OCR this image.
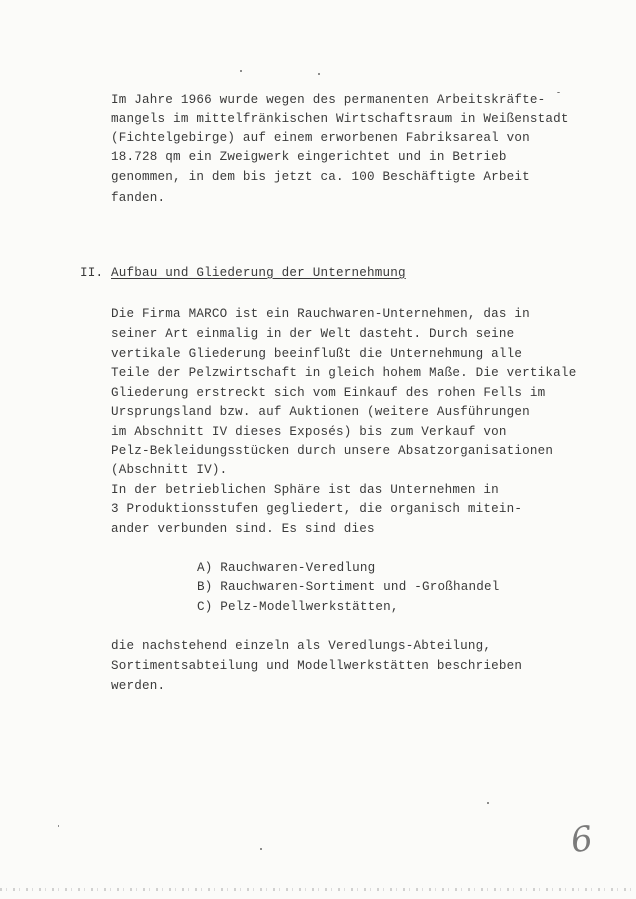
Im Jahre 1966 wurde wegen des permanenten Arbeitskräfte-
mangels im mittelfränkischen Wirtschaftsraum in Weißenstadt
(Fichtelgebirge) auf einem erworbenen Fabriksareal von
18.728 qm ein Zweigwerk eingerichtet und in Betrieb
genommen, in dem bis jetzt ca. 100 Beschäftigte Arbeit
fanden.
II. Aufbau und Gliederung der Unternehmung
Die Firma MARCO ist ein Rauchwaren-Unternehmen, das in
seiner Art einmalig in der Welt dasteht. Durch seine
vertikale Gliederung beeinflußt die Unternehmung alle
Teile der Pelzwirtschaft in gleich hohem Maße. Die vertikale
Gliederung erstreckt sich vom Einkauf des rohen Fells im
Ursprungsland bzw. auf Auktionen (weitere Ausführungen
im Abschnitt IV dieses Exposés) bis zum Verkauf von
Pelz-Bekleidungsstücken durch unsere Absatzorganisationen
(Abschnitt IV).
In der betrieblichen Sphäre ist das Unternehmen in
3 Produktionsstufen gegliedert, die organisch mitein-
ander verbunden sind. Es sind dies
A) Rauchwaren-Veredlung
B) Rauchwaren-Sortiment und -Großhandel
C) Pelz-Modellwerkstätten,
die nachstehend einzeln als Veredlungs-Abteilung,
Sortimentsabteilung und Modellwerkstätten beschrieben
werden.
6
